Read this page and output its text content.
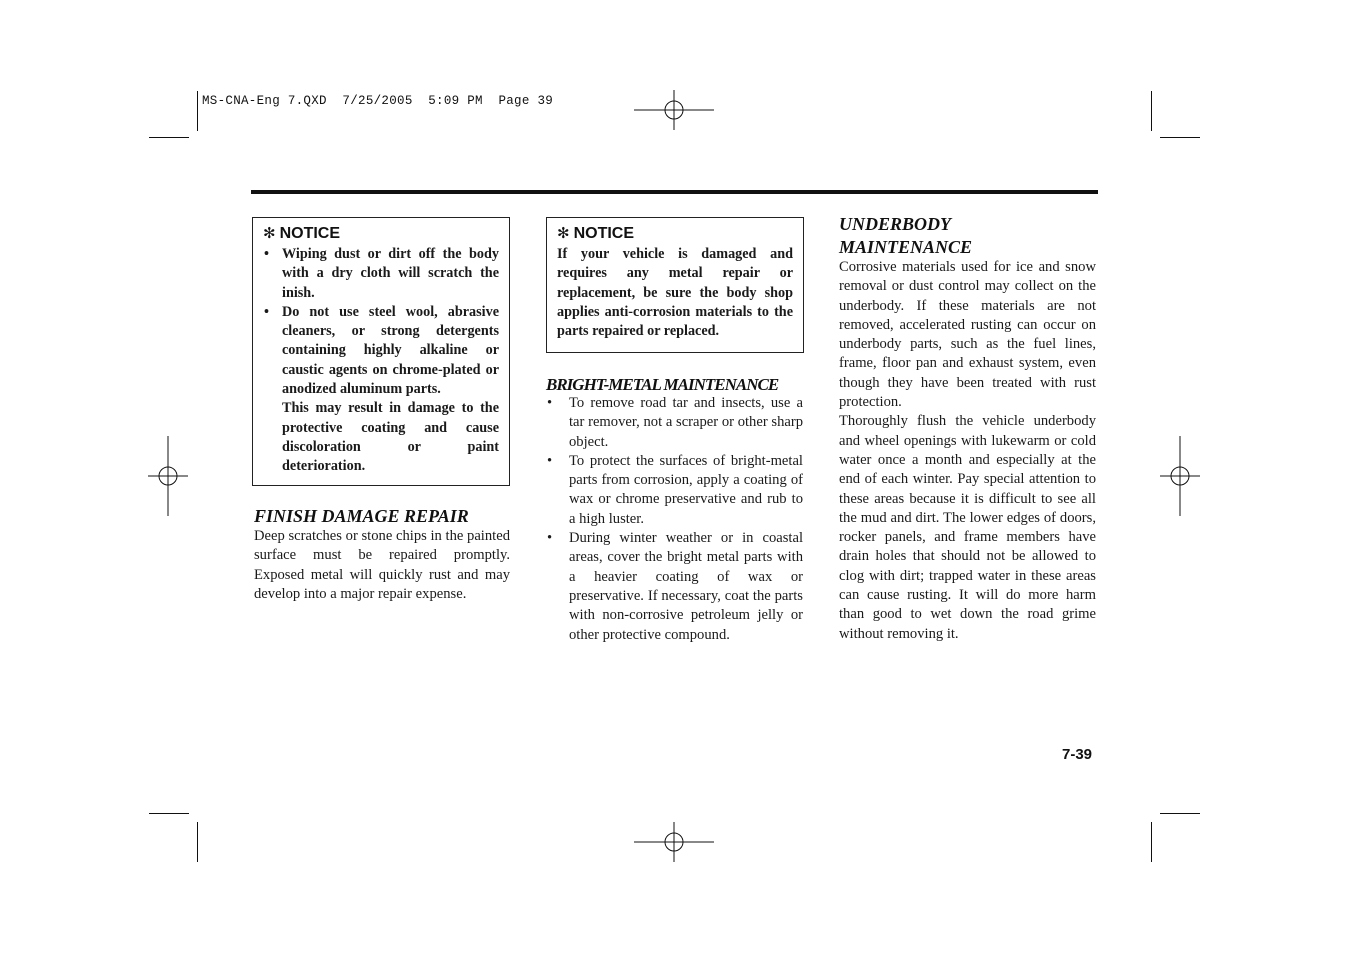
MS-CNA-Eng 7.QXD  7/25/2005  5:09 PM  Page 39
✻ NOTICE
• Wiping dust or dirt off the body with a dry cloth will scratch the inish.
• Do not use steel wool, abrasive cleaners, or strong detergents containing highly alkaline or caustic agents on chrome-plated or anodized aluminum parts.
This may result in damage to the protective coating and cause discoloration or paint deterioration.
FINISH DAMAGE REPAIR

Deep scratches or stone chips in the painted surface must be repaired promptly. Exposed metal will quickly rust and may develop into a major repair expense.

✻ NOTICE
If your vehicle is damaged and requires any metal repair or replacement, be sure the body shop applies anti-corrosion materials to the parts repaired or replaced.
BRIGHT-METAL MAINTENANCE
• To remove road tar and insects, use a tar remover, not a scraper or other sharp object.
• To protect the surfaces of bright-metal parts from corrosion, apply a coating of wax or chrome preservative and rub to a high luster.
• During winter weather or in coastal areas, cover the bright metal parts with a heavier coating of wax or preservative. If necessary, coat the parts with non-corrosive petroleum jelly or other protective compound.
UNDERBODY
MAINTENANCE

Corrosive materials used for ice and snow removal or dust control may collect on the underbody. If these materials are not removed, accelerated rusting can occur on underbody parts, such as the fuel lines, frame, floor pan and exhaust system, even though they have been treated with rust protection.

Thoroughly flush the vehicle underbody and wheel openings with lukewarm or cold water once a month and especially at the end of each winter. Pay special attention to these areas because it is difficult to see all the mud and dirt. The lower edges of doors, rocker panels, and frame members have drain holes that should not be allowed to clog with dirt; trapped water in these areas can cause rusting. It will do more harm than good to wet down the road grime without removing it.

7-39
